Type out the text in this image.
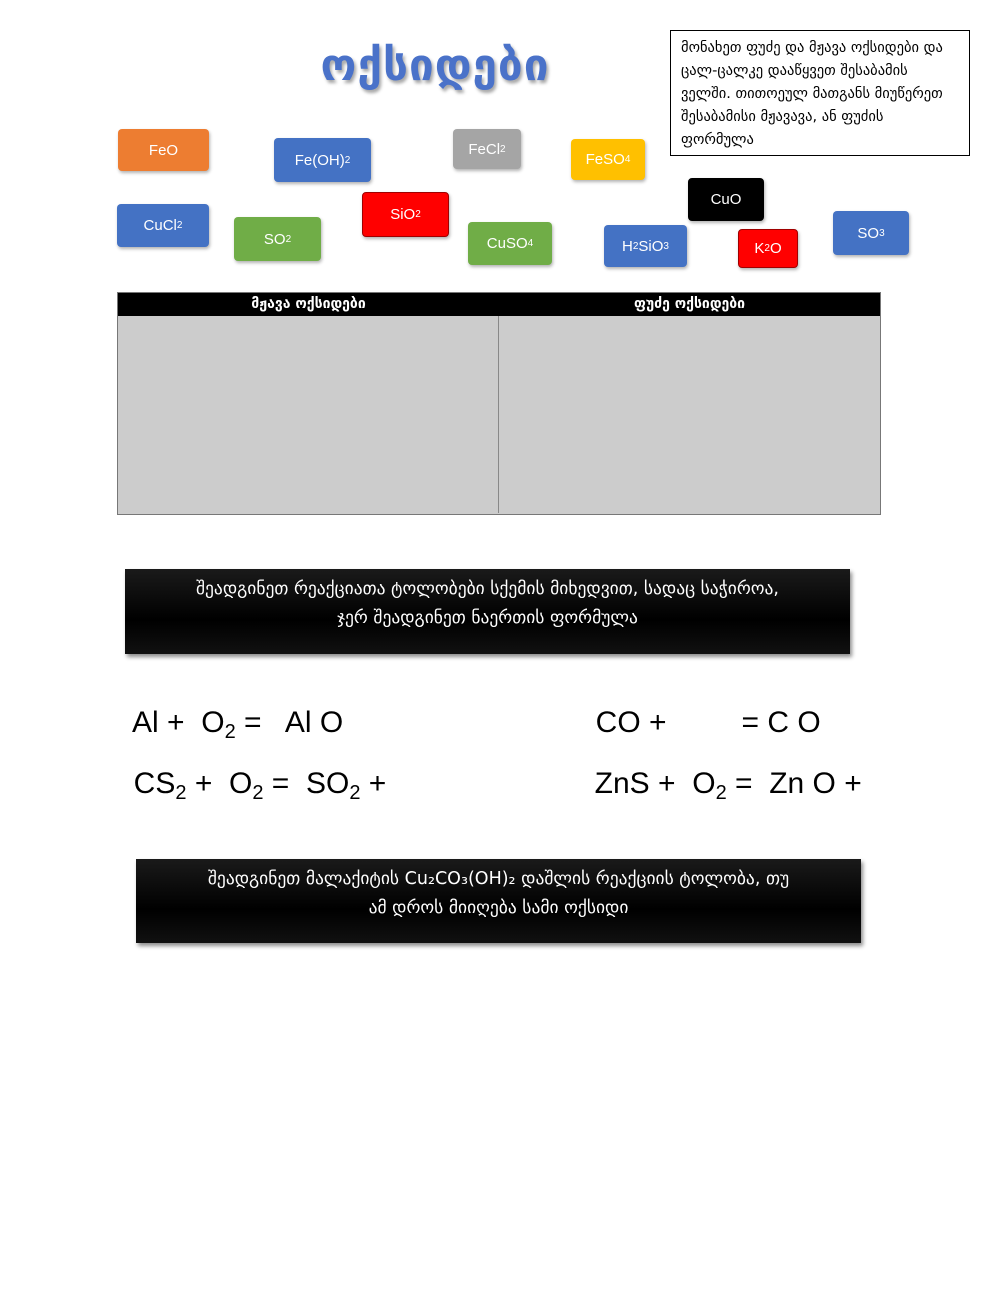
ოქსიდები	მონახეთ ფუძე და მჟავა ოქსიდები და ცალ-ცალკე დააწყვეთ შესაბამის ველში. თითოეულ მათგანს მიუწერეთ შესაბამისი მჟავავა, ან ფუძის ფორმულა
FeO
Fe(OH) 2
FeCl 2
FeSO 4
CuO
CuCl 2
SO 2
SiO 2
CuSO 4	H 2 SiO 3	K 2 O
SO 3
მჟავა ოქსიდები	ფუძე ოქსიდები
შეადგინეთ რეაქციათა ტოლობები სქემის მიხედვით, სადაც საჭიროა,
ჯერ შეადგინეთ ნაერთის ფორმულა

$Al + O_2 = Al$ O	CO +         = C O

$CS_2 + O_2 = SO_2$ +	ZnS +  $O_2 = Zn$ O +

შეადგინეთ მალაქიტის Cu₂CO₃(OH)₂ დაშლის რეაქციის ტოლობა, თუ
ამ დროს მიიღება სამი ოქსიდი
